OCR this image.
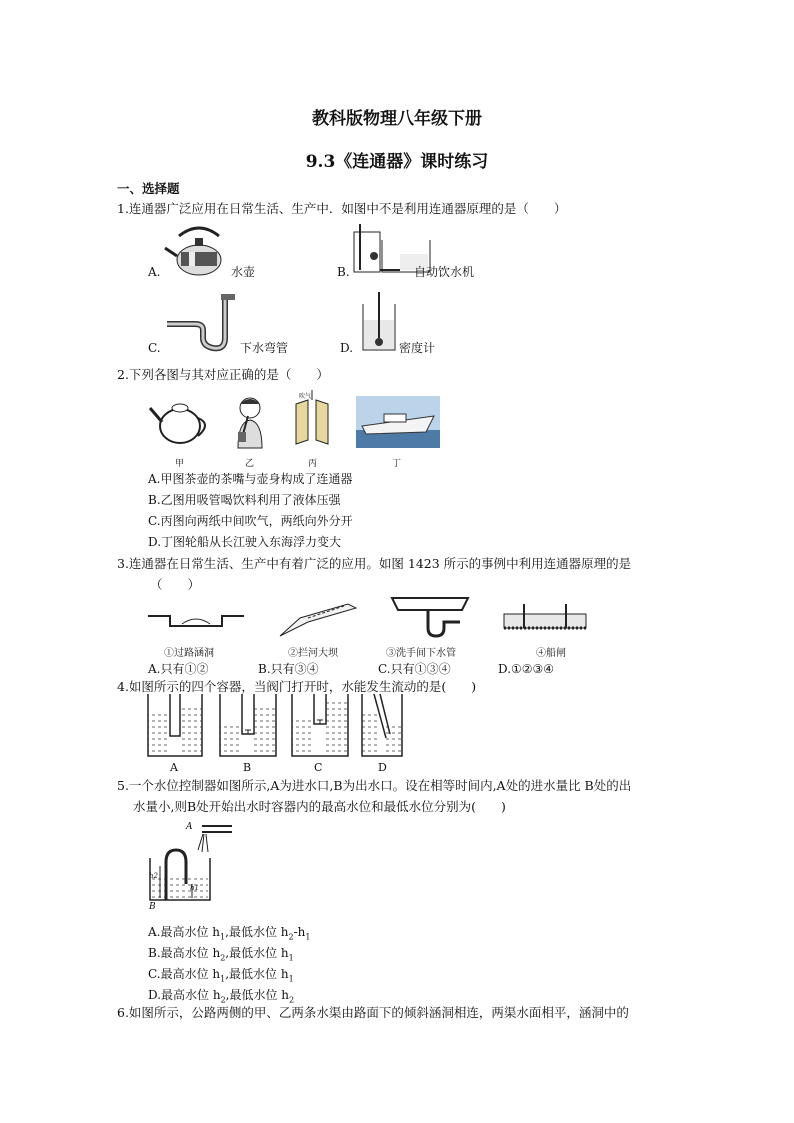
教科版物理八年级下册
9.3《连通器》课时练习
一、选择题
1.连通器广泛应用在日常生活、生产中．如图中不是利用连通器原理的是（　　）
A.	水壶	B.	自动饮水机
C.	下水弯管	D.	密度计
2.下列各图与其对应正确的是（　　）
吹气
甲	乙	丙	丁
A.甲图茶壶的茶嘴与壶身构成了连通器
B.乙图用吸管喝饮料利用了液体压强
C.丙图向两纸中间吹气，两纸向外分开
D.丁图轮船从长江驶入东海浮力变大
3.连通器在日常生活、生产中有着广泛的应用。如图 1423 所示的事例中利用连通器原理的是
（　　）
①过路涵洞	②拦河大坝	③洗手间下水管	④船闸
A.只有①②	B.只有③④	C.只有①③④	D.①②③④
4.如图所示的四个容器，当阀门打开时，水能发生流动的是(　　)
A	B	C	D
5.一个水位控制器如图所示,A为进水口,B为出水口。设在相等时间内,A处的进水量比 B处的出
水量小,则B处开始出水时容器内的最高水位和最低水位分别为(　　)
A
B
h2
h1
A.最高水位 $h_1$,最低水位 $h_2-h_1$
B.最高水位 $h_2$,最低水位 $h_1$
C.最高水位 $h_1$,最低水位 $h_1$
D.最高水位 $h_2$,最低水位 $h_2$
6.如图所示，公路两侧的甲、乙两条水渠由路面下的倾斜涵洞相连，两渠水面相平，涵洞中的
